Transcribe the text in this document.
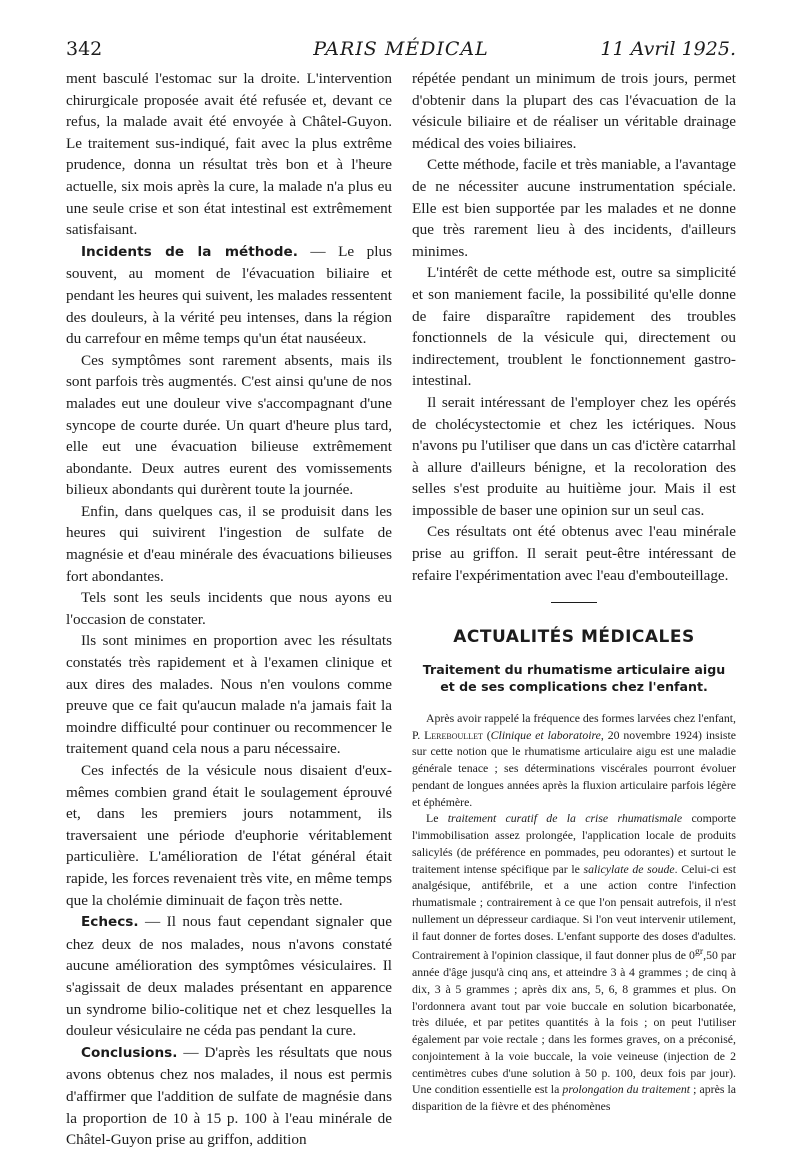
342	PARIS MÉDICAL	11 Avril 1925.

ment basculé l'estomac sur la droite. L'intervention chirurgicale proposée avait été refusée et, devant ce refus, la malade avait été envoyée à Châtel-Guyon. Le traitement sus-indiqué, fait avec la plus extrême prudence, donna un résultat très bon et à l'heure actuelle, six mois après la cure, la malade n'a plus eu une seule crise et son état intestinal est extrêmement satisfaisant.

Incidents de la méthode. — Le plus souvent, au moment de l'évacuation biliaire et pendant les heures qui suivent, les malades ressentent des douleurs, à la vérité peu intenses, dans la région du carrefour en même temps qu'un état nauséeux.

Ces symptômes sont rarement absents, mais ils sont parfois très augmentés. C'est ainsi qu'une de nos malades eut une douleur vive s'accompagnant d'une syncope de courte durée. Un quart d'heure plus tard, elle eut une évacuation bilieuse extrêmement abondante. Deux autres eurent des vomissements bilieux abondants qui durèrent toute la journée.

Enfin, dans quelques cas, il se produisit dans les heures qui suivirent l'ingestion de sulfate de magnésie et d'eau minérale des évacuations bilieuses fort abondantes.

Tels sont les seuls incidents que nous ayons eu l'occasion de constater.

Ils sont minimes en proportion avec les résultats constatés très rapidement et à l'examen clinique et aux dires des malades. Nous n'en voulons comme preuve que ce fait qu'aucun malade n'a jamais fait la moindre difficulté pour continuer ou recommencer le traitement quand cela nous a paru nécessaire.

Ces infectés de la vésicule nous disaient d'eux-mêmes combien grand était le soulagement éprouvé et, dans les premiers jours notamment, ils traversaient une période d'euphorie véritablement particulière. L'amélioration de l'état général était rapide, les forces revenaient très vite, en même temps que la cholémie diminuait de façon très nette.

Echecs. — Il nous faut cependant signaler que chez deux de nos malades, nous n'avons constaté aucune amélioration des symptômes vésiculaires. Il s'agissait de deux malades présentant en apparence un syndrome bilio-colitique net et chez lesquelles la douleur vésiculaire ne céda pas pendant la cure.

Conclusions. — D'après les résultats que nous avons obtenus chez nos malades, il nous est permis d'affirmer que l'addition de sulfate de magnésie dans la proportion de 10 à 15 p. 100 à l'eau minérale de Châtel-Guyon prise au griffon, addition

répétée pendant un minimum de trois jours, permet d'obtenir dans la plupart des cas l'évacuation de la vésicule biliaire et de réaliser un véritable drainage médical des voies biliaires.

Cette méthode, facile et très maniable, a l'avantage de ne nécessiter aucune instrumentation spéciale. Elle est bien supportée par les malades et ne donne que très rarement lieu à des incidents, d'ailleurs minimes.

L'intérêt de cette méthode est, outre sa simplicité et son maniement facile, la possibilité qu'elle donne de faire disparaître rapidement des troubles fonctionnels de la vésicule qui, directement ou indirectement, troublent le fonctionnement gastro-intestinal.

Il serait intéressant de l'employer chez les opérés de cholécystectomie et chez les ictériques. Nous n'avons pu l'utiliser que dans un cas d'ictère catarrhal à allure d'ailleurs bénigne, et la recoloration des selles s'est produite au huitième jour. Mais il est impossible de baser une opinion sur un seul cas.

Ces résultats ont été obtenus avec l'eau minérale prise au griffon. Il serait peut-être intéressant de refaire l'expérimentation avec l'eau d'embouteillage.

ACTUALITÉS MÉDICALES
Traitement du rhumatisme articulaire aigu
et de ses complications chez l'enfant.

Après avoir rappelé la fréquence des formes larvées chez l'enfant, P. Lereboullet (Clinique et laboratoire, 20 novembre 1924) insiste sur cette notion que le rhumatisme articulaire aigu est une maladie générale tenace ; ses déterminations viscérales pourront évoluer pendant de longues années après la fluxion articulaire parfois légère et éphémère.

Le traitement curatif de la crise rhumatismale comporte l'immobilisation assez prolongée, l'application locale de produits salicylés (de préférence en pommades, peu odorantes) et surtout le traitement intense spécifique par le salicylate de soude. Celui-ci est analgésique, antifébrile, et a une action contre l'infection rhumatismale ; contrairement à ce que l'on pensait autrefois, il n'est nullement un dépresseur cardiaque. Si l'on veut intervenir utilement, il faut donner de fortes doses. L'enfant supporte des doses d'adultes. Contrairement à l'opinion classique, il faut donner plus de $0^{gr},50$ par année d'âge jusqu'à cinq ans, et atteindre 3 à 4 grammes ; de cinq à dix, 3 à 5 grammes ; après dix ans, 5, 6, 8 grammes et plus. On l'ordonnera avant tout par voie buccale en solution bicarbonatée, très diluée, et par petites quantités à la fois ; on peut l'utiliser également par voie rectale ; dans les formes graves, on a préconisé, conjointement à la voie buccale, la voie veineuse (injection de 2 centimètres cubes d'une solution à 50 p. 100, deux fois par jour). Une condition essentielle est la prolongation du traitement ; après la disparition de la fièvre et des phénomènes
